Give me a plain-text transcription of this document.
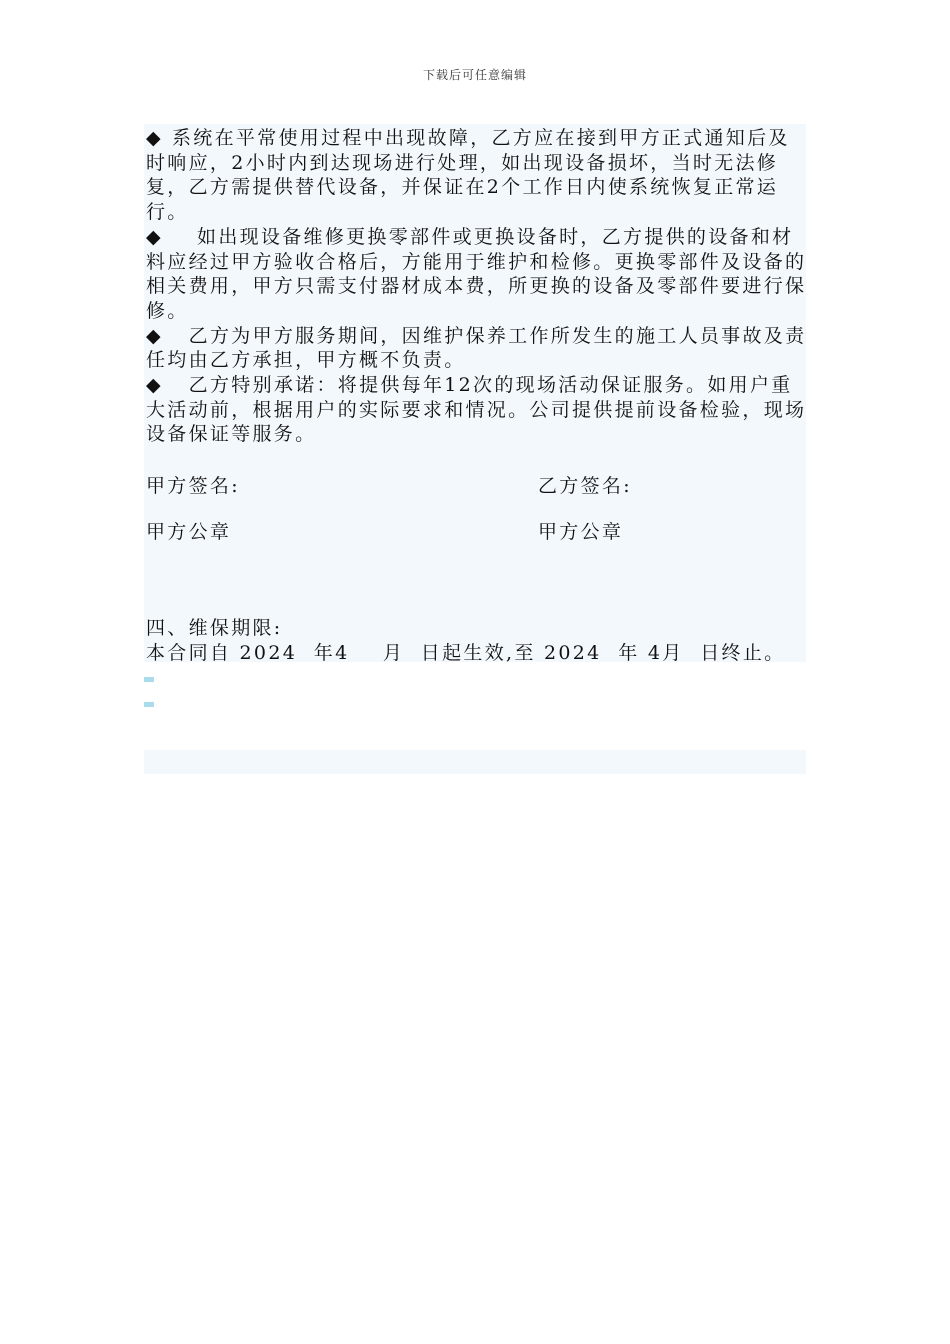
下载后可任意编辑

◆ 系统在平常使用过程中出现故障，乙方应在接到甲方正式通知后及时响应，2小时内到达现场进行处理，如出现设备损坏，当时无法修复，乙方需提供替代设备，并保证在2个工作日内使系统恢复正常运行。

◆   如出现设备维修更换零部件或更换设备时，乙方提供的设备和材料应经过甲方验收合格后，方能用于维护和检修。更换零部件及设备的相关费用，甲方只需支付器材成本费，所更换的设备及零部件要进行保修。

◆  乙方为甲方服务期间，因维护保养工作所发生的施工人员事故及责任均由乙方承担，甲方概不负责。

◆  乙方特别承诺：将提供每年12次的现场活动保证服务。如用户重大活动前，根据用户的实际要求和情况。公司提供提前设备检验，现场设备保证等服务。

甲方签名:	乙方签名:
甲方公章	甲方公章
四、维保期限:
本合同自 2024  年4    月  日起生效,至 2024  年 4月  日终止。
